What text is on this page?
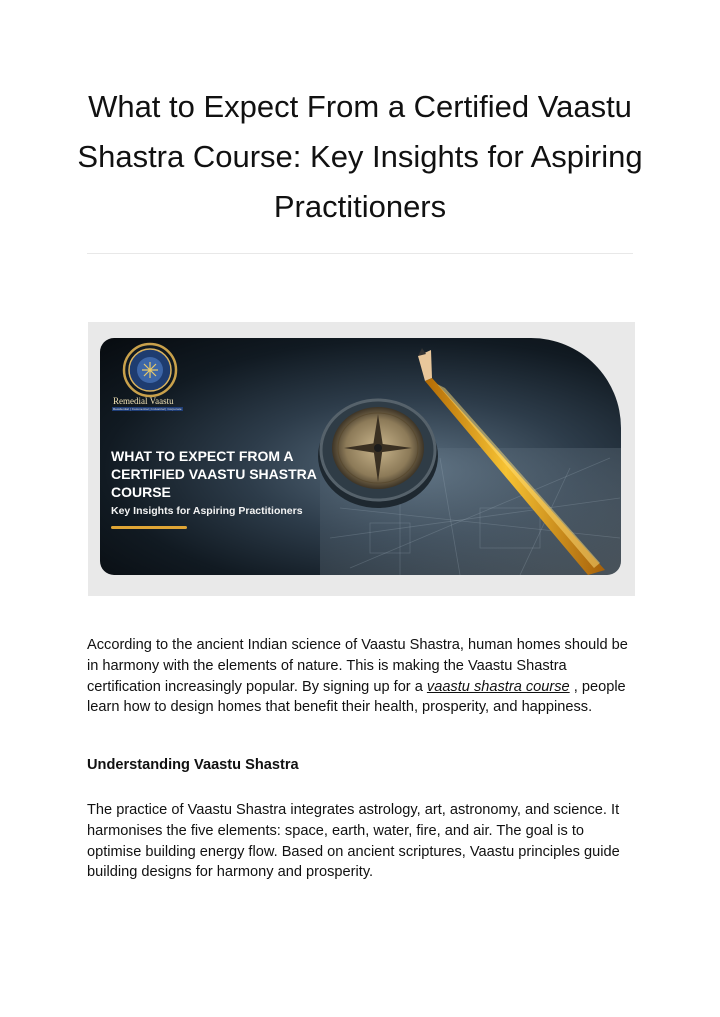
What to Expect From a Certified Vaastu Shastra Course: Key Insights for Aspiring Practitioners
Remedial Vaastu
Residential | Commercial | Industrial | Corporate
WHAT TO EXPECT FROM A CERTIFIED VAASTU SHASTRA COURSE
Key Insights for Aspiring Practitioners

According to the ancient Indian science of Vaastu Shastra, human homes should be in harmony with the elements of nature. This is making the Vaastu Shastra certification increasingly popular. By signing up for a vaastu shastra course , people learn how to design homes that benefit their health, prosperity, and happiness.

Understanding Vaastu Shastra

The practice of Vaastu Shastra integrates astrology, art, astronomy, and science. It harmonises the five elements: space, earth, water, fire, and air. The goal is to optimise building energy flow. Based on ancient scriptures, Vaastu principles guide building designs for harmony and prosperity.
